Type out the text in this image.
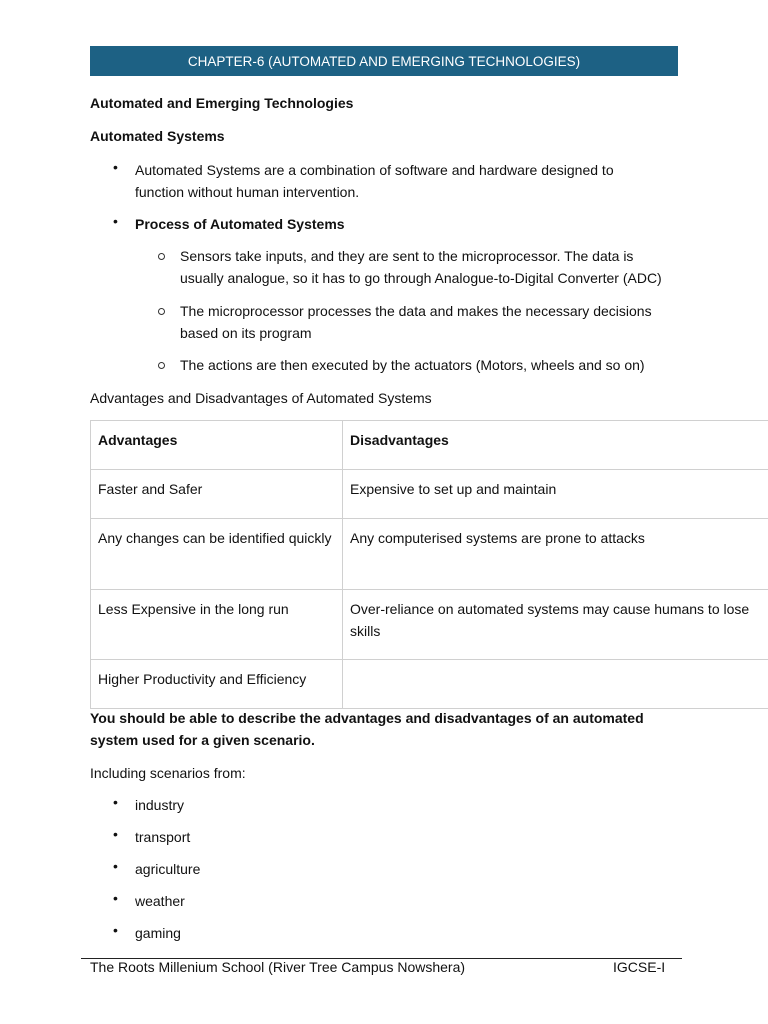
CHAPTER-6 (AUTOMATED AND EMERGING TECHNOLOGIES)
Automated and Emerging Technologies
Automated Systems
• Automated Systems are a combination of software and hardware designed to
function without human intervention.
• Process of Automated Systems
Sensors take inputs, and they are sent to the microprocessor. The data is
usually analogue, so it has to go through Analogue-to-Digital Converter (ADC)
The microprocessor processes the data and makes the necessary decisions
based on its program
The actions are then executed by the actuators (Motors, wheels and so on)
Advantages and Disadvantages of Automated Systems
Advantages	Disadvantages
Faster and Safer	Expensive to set up and maintain
Any changes can be identified quickly	Any computerised systems are prone to attacks
Less Expensive in the long run	Over-reliance on automated systems may cause humans to lose skills
Higher Productivity and Efficiency	
You should be able to describe the advantages and disadvantages of an automated
system used for a given scenario.
Including scenarios from:
• industry
• transport
• agriculture
• weather
• gaming
The Roots Millenium School (River Tree Campus Nowshera)	IGCSE-I
